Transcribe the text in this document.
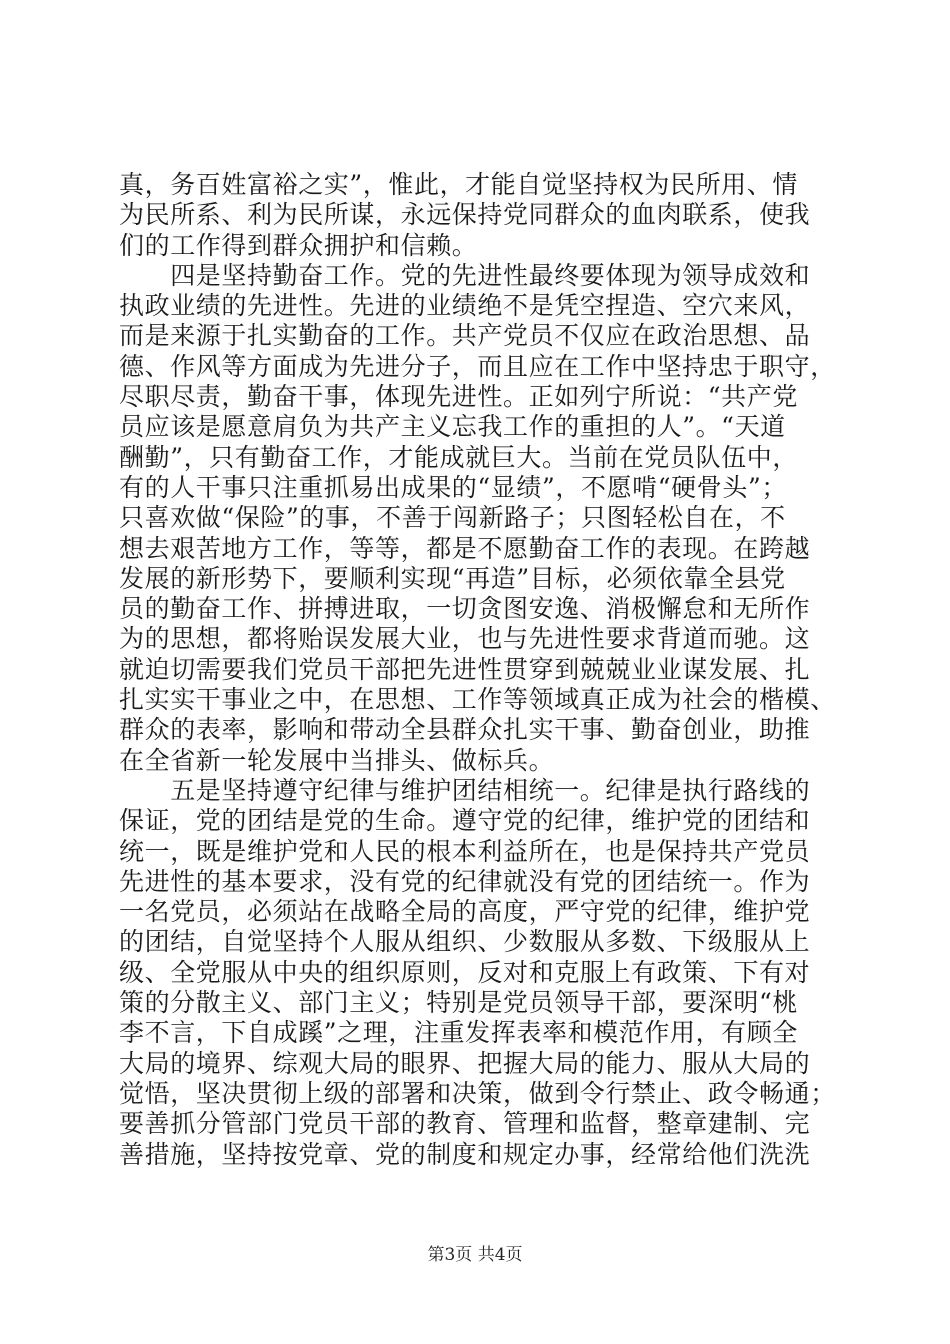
真，务百姓富裕之实”，惟此，才能自觉坚持权为民所用、情
为民所系、利为民所谋，永远保持党同群众的血肉联系，使我
们的工作得到群众拥护和信赖。
　　四是坚持勤奋工作。党的先进性最终要体现为领导成效和
执政业绩的先进性。先进的业绩绝不是凭空捏造、空穴来风，
而是来源于扎实勤奋的工作。共产党员不仅应在政治思想、品
德、作风等方面成为先进分子，而且应在工作中坚持忠于职守，
尽职尽责，勤奋干事，体现先进性。正如列宁所说：“共产党
员应该是愿意肩负为共产主义忘我工作的重担的人”。“天道
酬勤”，只有勤奋工作，才能成就巨大。当前在党员队伍中，
有的人干事只注重抓易出成果的“显绩”，不愿啃“硬骨头”；
只喜欢做“保险”的事，不善于闯新路子；只图轻松自在，不
想去艰苦地方工作，等等，都是不愿勤奋工作的表现。在跨越
发展的新形势下，要顺利实现“再造”目标，必须依靠全县党
员的勤奋工作、拼搏进取，一切贪图安逸、消极懈怠和无所作
为的思想，都将贻误发展大业，也与先进性要求背道而驰。这
就迫切需要我们党员干部把先进性贯穿到兢兢业业谋发展、扎
扎实实干事业之中，在思想、工作等领域真正成为社会的楷模、
群众的表率，影响和带动全县群众扎实干事、勤奋创业，助推
在全省新一轮发展中当排头、做标兵。
　　五是坚持遵守纪律与维护团结相统一。纪律是执行路线的
保证，党的团结是党的生命。遵守党的纪律，维护党的团结和
统一，既是维护党和人民的根本利益所在，也是保持共产党员
先进性的基本要求，没有党的纪律就没有党的团结统一。作为
一名党员，必须站在战略全局的高度，严守党的纪律，维护党
的团结，自觉坚持个人服从组织、少数服从多数、下级服从上
级、全党服从中央的组织原则，反对和克服上有政策、下有对
策的分散主义、部门主义；特别是党员领导干部，要深明“桃
李不言，下自成蹊”之理，注重发挥表率和模范作用，有顾全
大局的境界、综观大局的眼界、把握大局的能力、服从大局的
觉悟，坚决贯彻上级的部署和决策，做到令行禁止、政令畅通；
要善抓分管部门党员干部的教育、管理和监督，整章建制、完
善措施，坚持按党章、党的制度和规定办事，经常给他们洗洗
第3页 共4页
